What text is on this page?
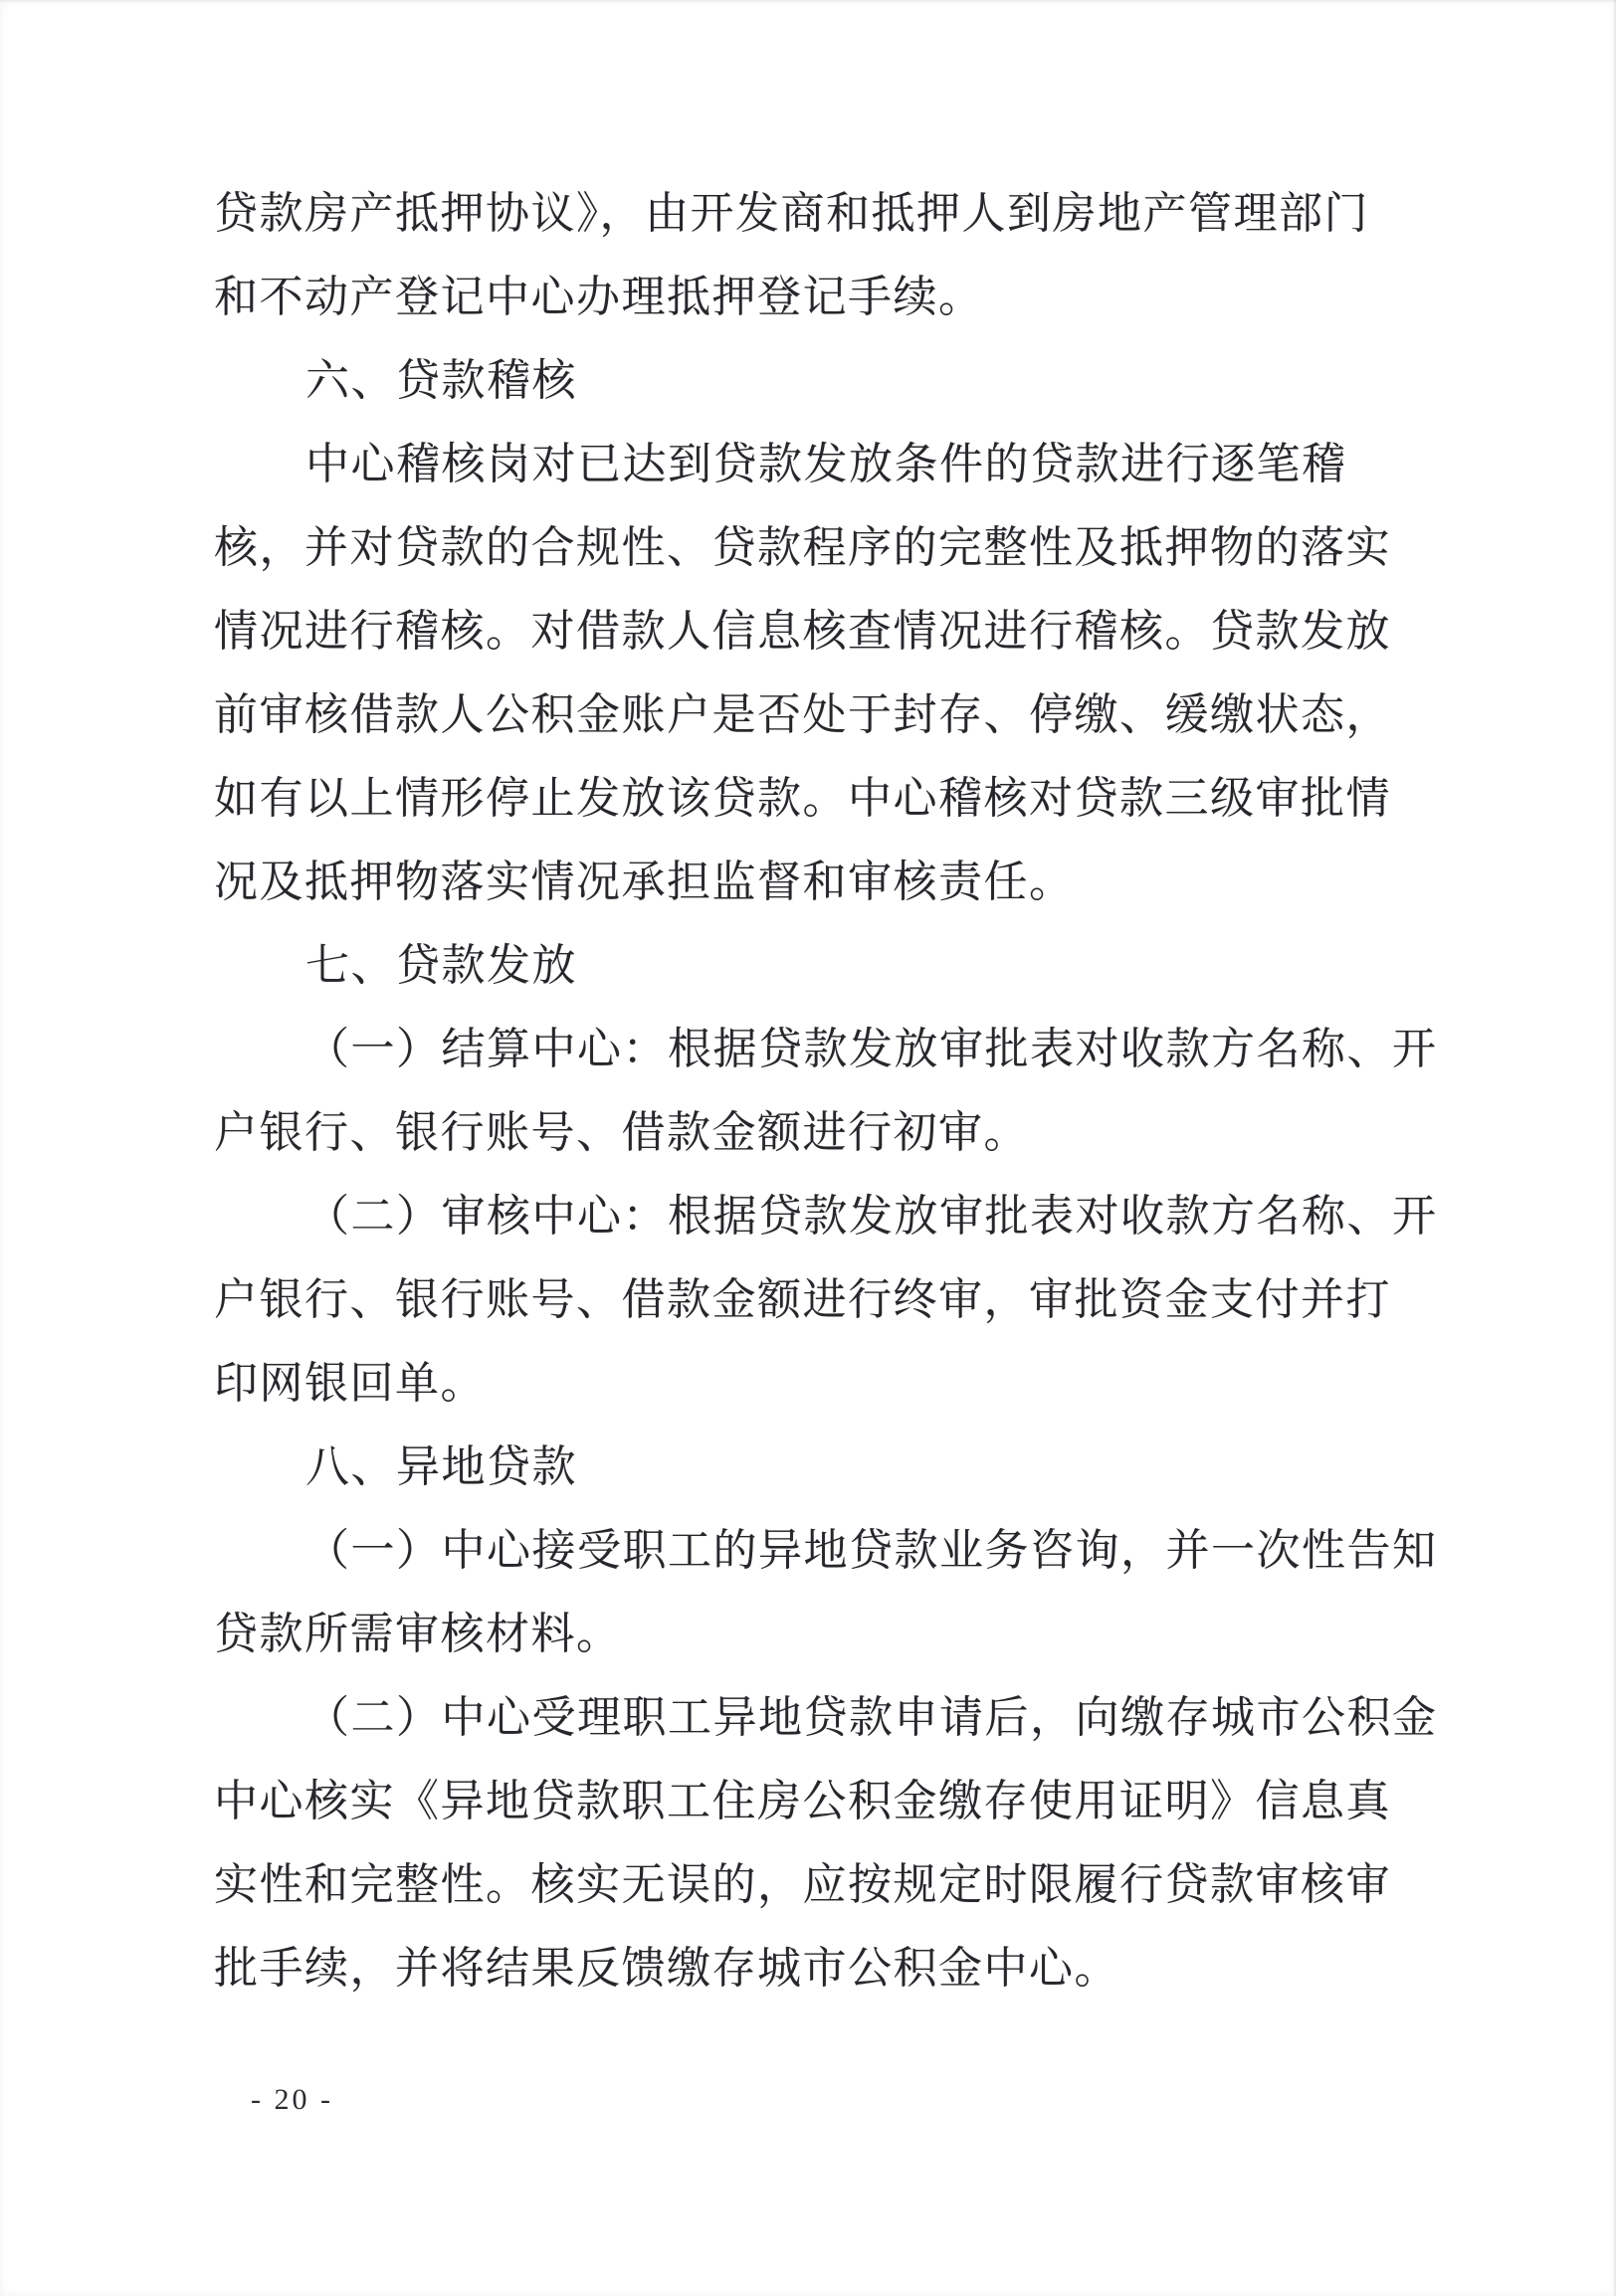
贷款房产抵押协议》，由开发商和抵押人到房地产管理部门

和不动产登记中心办理抵押登记手续。

六、贷款稽核

中心稽核岗对已达到贷款发放条件的贷款进行逐笔稽

核，并对贷款的合规性、贷款程序的完整性及抵押物的落实

情况进行稽核。对借款人信息核查情况进行稽核。贷款发放

前审核借款人公积金账户是否处于封存、停缴、缓缴状态，

如有以上情形停止发放该贷款。中心稽核对贷款三级审批情

况及抵押物落实情况承担监督和审核责任。

七、贷款发放

（一）结算中心：根据贷款发放审批表对收款方名称、开

户银行、银行账号、借款金额进行初审。

（二）审核中心：根据贷款发放审批表对收款方名称、开

户银行、银行账号、借款金额进行终审，审批资金支付并打

印网银回单。

八、异地贷款

（一）中心接受职工的异地贷款业务咨询，并一次性告知

贷款所需审核材料。

（二）中心受理职工异地贷款申请后，向缴存城市公积金

中心核实《异地贷款职工住房公积金缴存使用证明》信息真

实性和完整性。核实无误的，应按规定时限履行贷款审核审

批手续，并将结果反馈缴存城市公积金中心。

- 20 -
